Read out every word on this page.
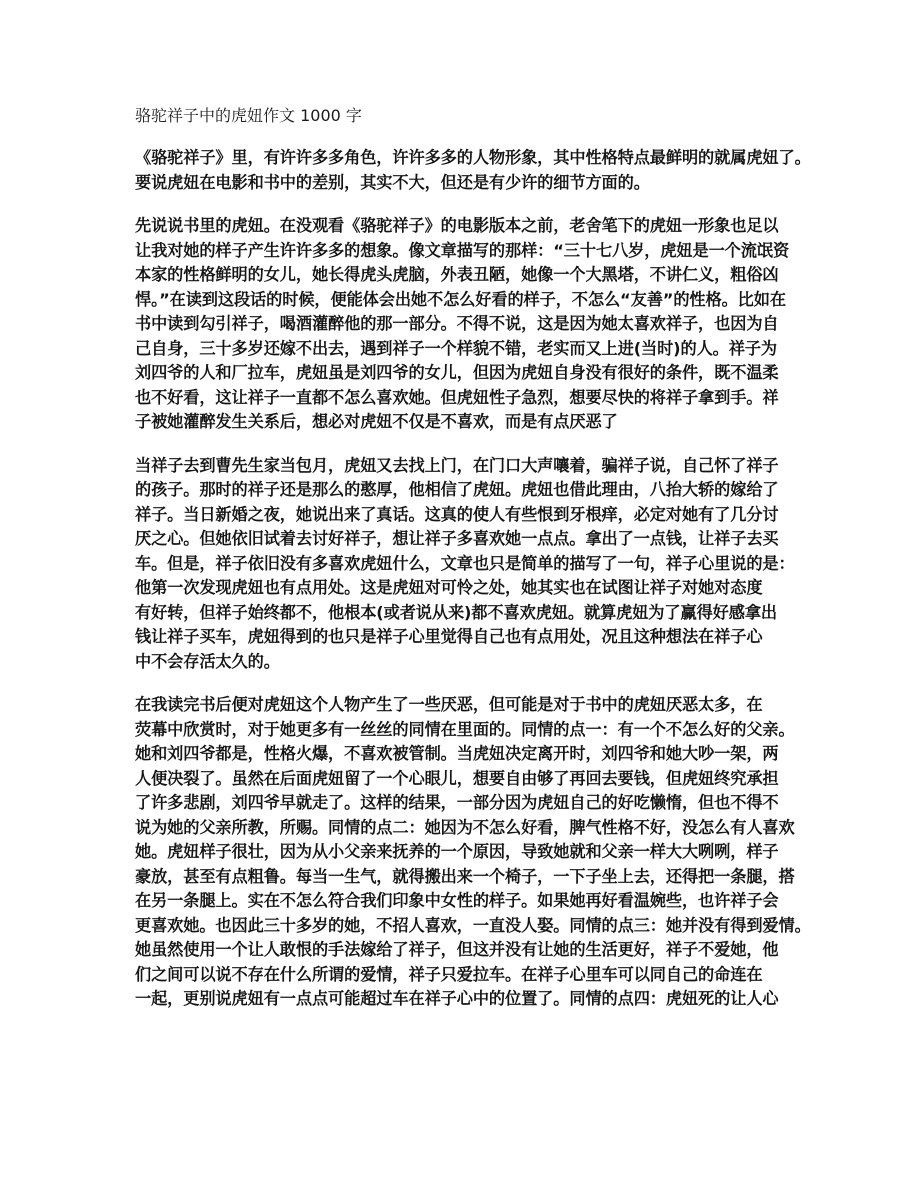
骆驼祥子中的虎妞作文 1000 字
《骆驼祥子》里，有许许多多角色，许许多多的人物形象，其中性格特点最鲜明的就属虎妞了。
要说虎妞在电影和书中的差别，其实不大，但还是有少许的细节方面的。
先说说书里的虎妞。在没观看《骆驼祥子》的电影版本之前，老舍笔下的虎妞一形象也足以
让我对她的样子产生许许多多的想象。像文章描写的那样：“三十七八岁，虎妞是一个流氓资
本家的性格鲜明的女儿，她长得虎头虎脑，外表丑陋，她像一个大黑塔，不讲仁义，粗俗凶
悍。”在读到这段话的时候，便能体会出她不怎么好看的样子，不怎么“友善”的性格。比如在
书中读到勾引祥子，喝酒灌醉他的那一部分。不得不说，这是因为她太喜欢祥子，也因为自
己自身，三十多岁还嫁不出去，遇到祥子一个样貌不错，老实而又上进(当时)的人。祥子为
刘四爷的人和厂拉车，虎妞虽是刘四爷的女儿，但因为虎妞自身没有很好的条件，既不温柔
也不好看，这让祥子一直都不怎么喜欢她。但虎妞性子急烈，想要尽快的将祥子拿到手。祥
子被她灌醉发生关系后，想必对虎妞不仅是不喜欢，而是有点厌恶了
当祥子去到曹先生家当包月，虎妞又去找上门，在门口大声嚷着，骗祥子说，自己怀了祥子
的孩子。那时的祥子还是那么的憨厚，他相信了虎妞。虎妞也借此理由，八抬大轿的嫁给了
祥子。当日新婚之夜，她说出来了真话。这真的使人有些恨到牙根痒，必定对她有了几分讨
厌之心。但她依旧试着去讨好祥子，想让祥子多喜欢她一点点。拿出了一点钱，让祥子去买
车。但是，祥子依旧没有多喜欢虎妞什么，文章也只是简单的描写了一句，祥子心里说的是：
他第一次发现虎妞也有点用处。这是虎妞对可怜之处，她其实也在试图让祥子对她对态度
有好转，但祥子始终都不，他根本(或者说从来)都不喜欢虎妞。就算虎妞为了赢得好感拿出
钱让祥子买车，虎妞得到的也只是祥子心里觉得自己也有点用处，况且这种想法在祥子心
中不会存活太久的。
在我读完书后便对虎妞这个人物产生了一些厌恶，但可能是对于书中的虎妞厌恶太多，在
荧幕中欣赏时，对于她更多有一丝丝的同情在里面的。同情的点一：有一个不怎么好的父亲。
她和刘四爷都是，性格火爆，不喜欢被管制。当虎妞决定离开时，刘四爷和她大吵一架，两
人便决裂了。虽然在后面虎妞留了一个心眼儿，想要自由够了再回去要钱，但虎妞终究承担
了许多悲剧，刘四爷早就走了。这样的结果，一部分因为虎妞自己的好吃懒惰，但也不得不
说为她的父亲所教，所赐。同情的点二：她因为不怎么好看，脾气性格不好，没怎么有人喜欢
她。虎妞样子很壮，因为从小父亲来抚养的一个原因，导致她就和父亲一样大大咧咧，样子
豪放，甚至有点粗鲁。每当一生气，就得搬出来一个椅子，一下子坐上去，还得把一条腿，搭
在另一条腿上。实在不怎么符合我们印象中女性的样子。如果她再好看温婉些，也许祥子会
更喜欢她。也因此三十多岁的她，不招人喜欢，一直没人娶。同情的点三：她并没有得到爱情。
她虽然使用一个让人敢恨的手法嫁给了祥子，但这并没有让她的生活更好，祥子不爱她，他
们之间可以说不存在什么所谓的爱情，祥子只爱拉车。在祥子心里车可以同自己的命连在
一起，更别说虎妞有一点点可能超过车在祥子心中的位置了。同情的点四：虎妞死的让人心
